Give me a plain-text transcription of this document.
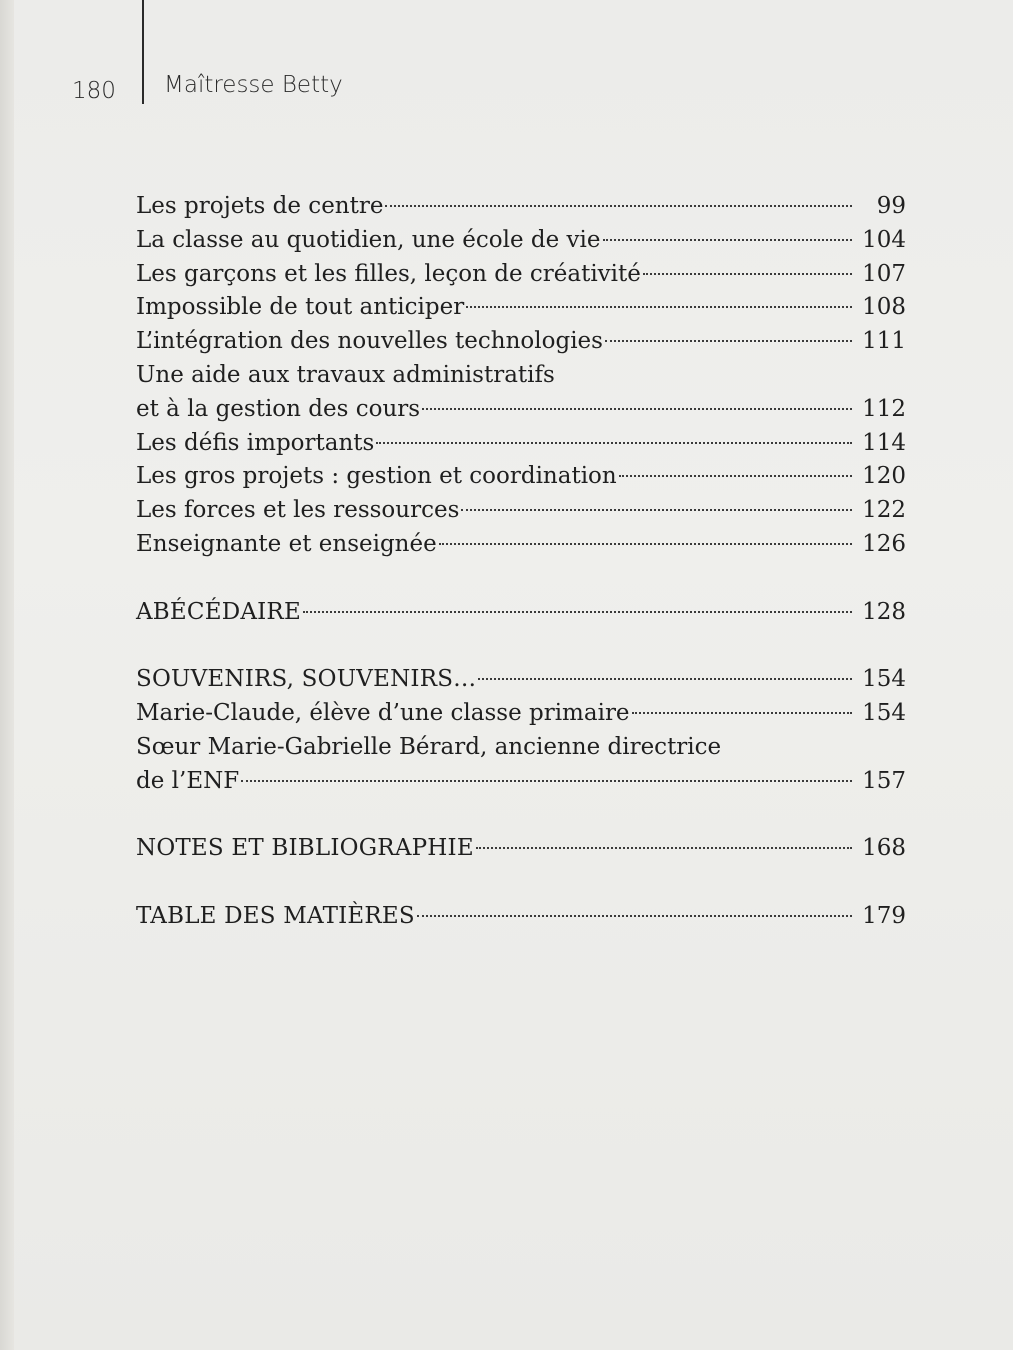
180 Maîtresse Betty
Les projets de centre	99
La classe au quotidien, une école de vie	104
Les garçons et les filles, leçon de créativité	107
Impossible de tout anticiper	108
L’intégration des nouvelles technologies	111
Une aide aux travaux administratifs
et à la gestion des cours	112
Les défis importants	114
Les gros projets : gestion et coordination	120
Les forces et les ressources	122
Enseignante et enseignée	126
ABÉCÉDAIRE	128
SOUVENIRS, SOUVENIRS…	154
Marie-Claude, élève d’une classe primaire	154
Sœur Marie-Gabrielle Bérard, ancienne directrice
de l’ENF	157
NOTES ET BIBLIOGRAPHIE	168
TABLE DES MATIÈRES	179
